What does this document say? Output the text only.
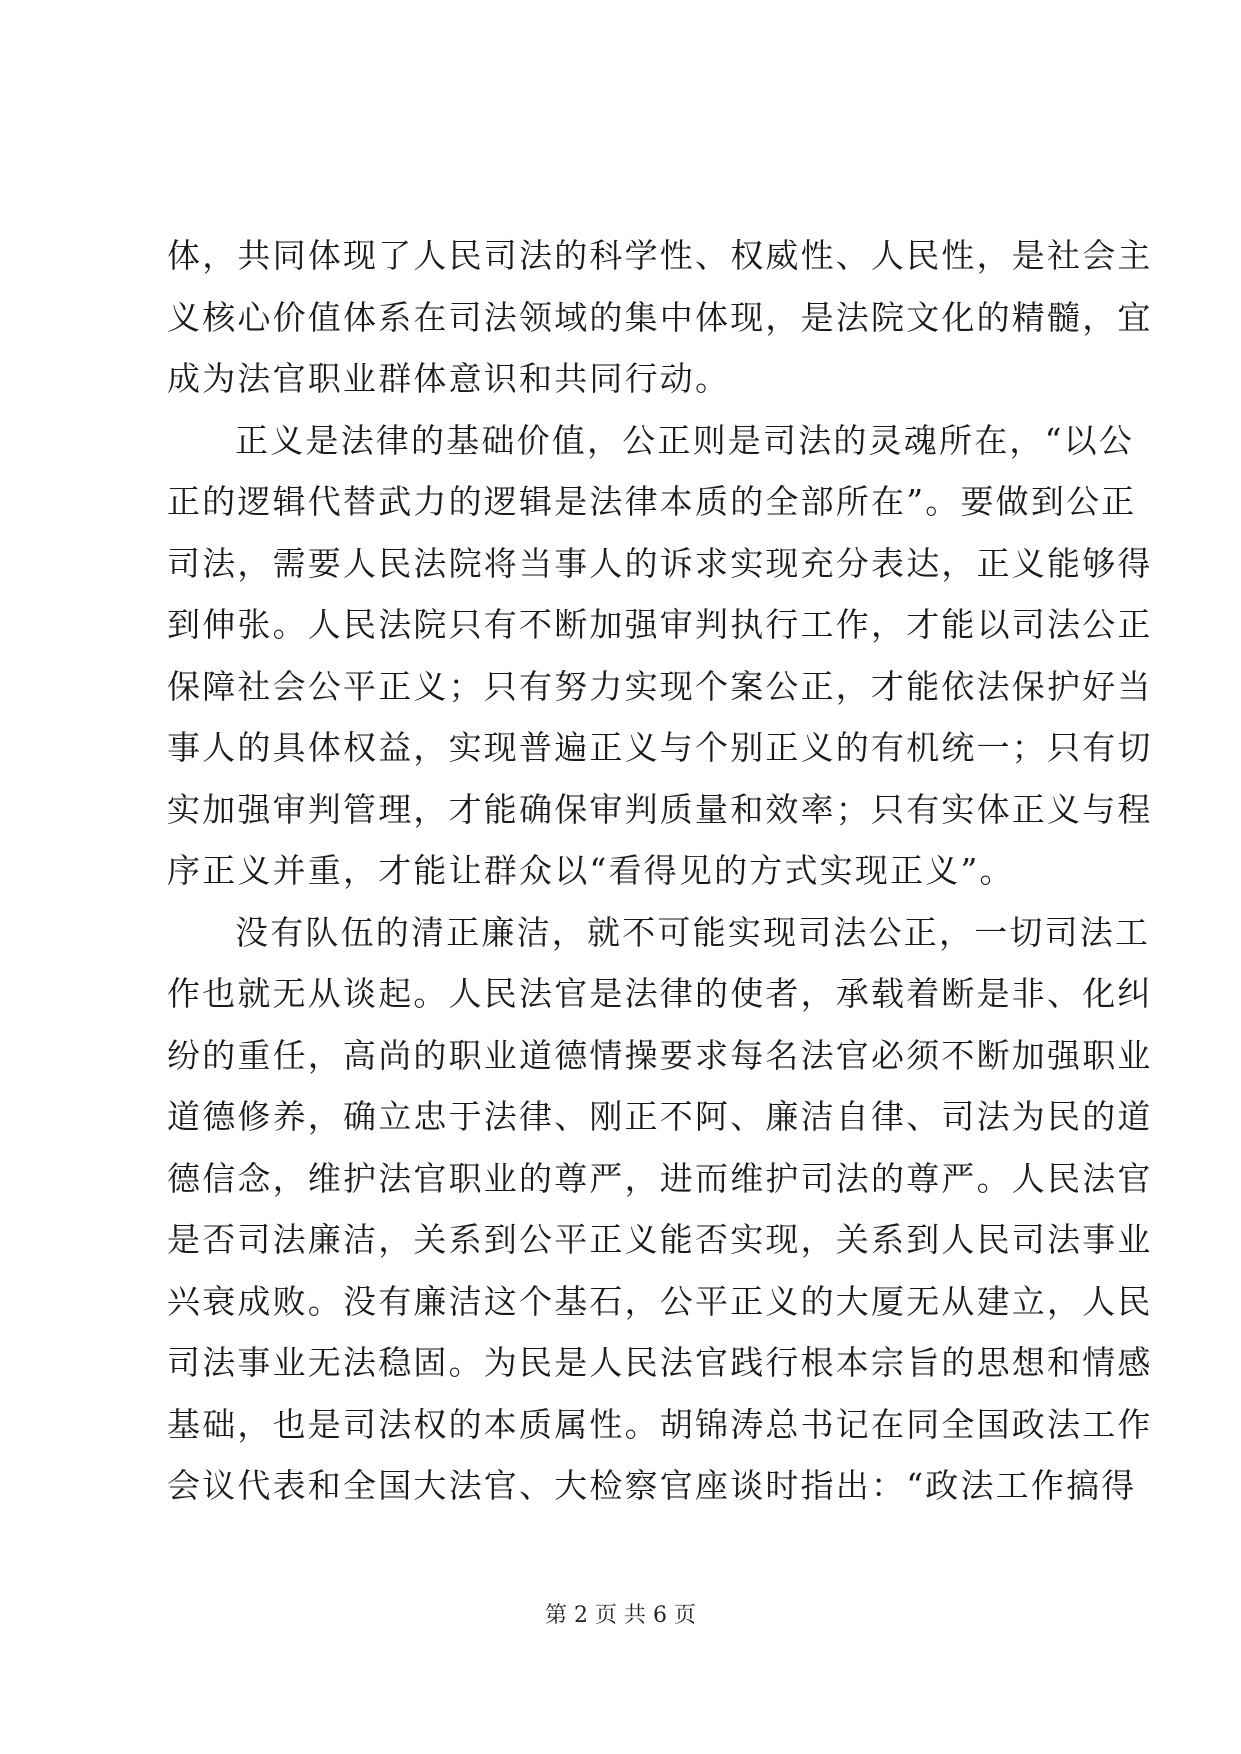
体，共同体现了人民司法的科学性、权威性、人民性，是社会主
义核心价值体系在司法领域的集中体现，是法院文化的精髓，宜
成为法官职业群体意识和共同行动。
正义是法律的基础价值，公正则是司法的灵魂所在，“以公
正的逻辑代替武力的逻辑是法律本质的全部所在”。要做到公正
司法，需要人民法院将当事人的诉求实现充分表达，正义能够得
到伸张。人民法院只有不断加强审判执行工作，才能以司法公正
保障社会公平正义；只有努力实现个案公正，才能依法保护好当
事人的具体权益，实现普遍正义与个别正义的有机统一；只有切
实加强审判管理，才能确保审判质量和效率；只有实体正义与程
序正义并重，才能让群众以“看得见的方式实现正义”。
没有队伍的清正廉洁，就不可能实现司法公正，一切司法工
作也就无从谈起。人民法官是法律的使者，承载着断是非、化纠
纷的重任，高尚的职业道德情操要求每名法官必须不断加强职业
道德修养，确立忠于法律、刚正不阿、廉洁自律、司法为民的道
德信念，维护法官职业的尊严，进而维护司法的尊严。人民法官
是否司法廉洁，关系到公平正义能否实现，关系到人民司法事业
兴衰成败。没有廉洁这个基石，公平正义的大厦无从建立，人民
司法事业无法稳固。为民是人民法官践行根本宗旨的思想和情感
基础，也是司法权的本质属性。胡锦涛总书记在同全国政法工作
会议代表和全国大法官、大检察官座谈时指出：“政法工作搞得
第 2 页 共 6 页
